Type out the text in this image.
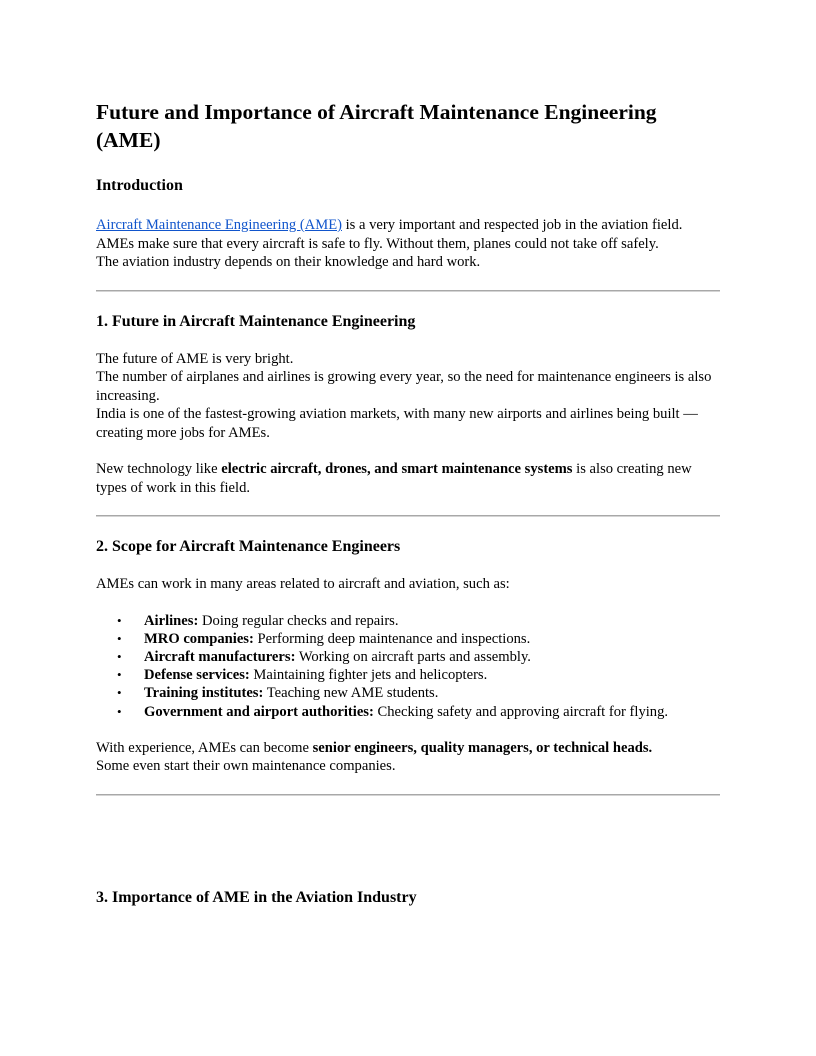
Future and Importance of Aircraft Maintenance Engineering (AME)
Introduction

Aircraft Maintenance Engineering (AME) is a very important and respected job in the aviation field.

AMEs make sure that every aircraft is safe to fly. Without them, planes could not take off safely.

The aviation industry depends on their knowledge and hard work.

1. Future in Aircraft Maintenance Engineering

The future of AME is very bright.

The number of airplanes and airlines is growing every year, so the need for maintenance engineers is also increasing.

India is one of the fastest-growing aviation markets, with many new airports and airlines being built — creating more jobs for AMEs.

New technology like electric aircraft, drones, and smart maintenance systems is also creating new types of work in this field.

2. Scope for Aircraft Maintenance Engineers

AMEs can work in many areas related to aircraft and aviation, such as:

• Airlines: Doing regular checks and repairs.
• MRO companies: Performing deep maintenance and inspections.
• Aircraft manufacturers: Working on aircraft parts and assembly.
• Defense services: Maintaining fighter jets and helicopters.
• Training institutes: Teaching new AME students.
• Government and airport authorities: Checking safety and approving aircraft for flying.

With experience, AMEs can become senior engineers, quality managers, or technical heads.

Some even start their own maintenance companies.

3. Importance of AME in the Aviation Industry
